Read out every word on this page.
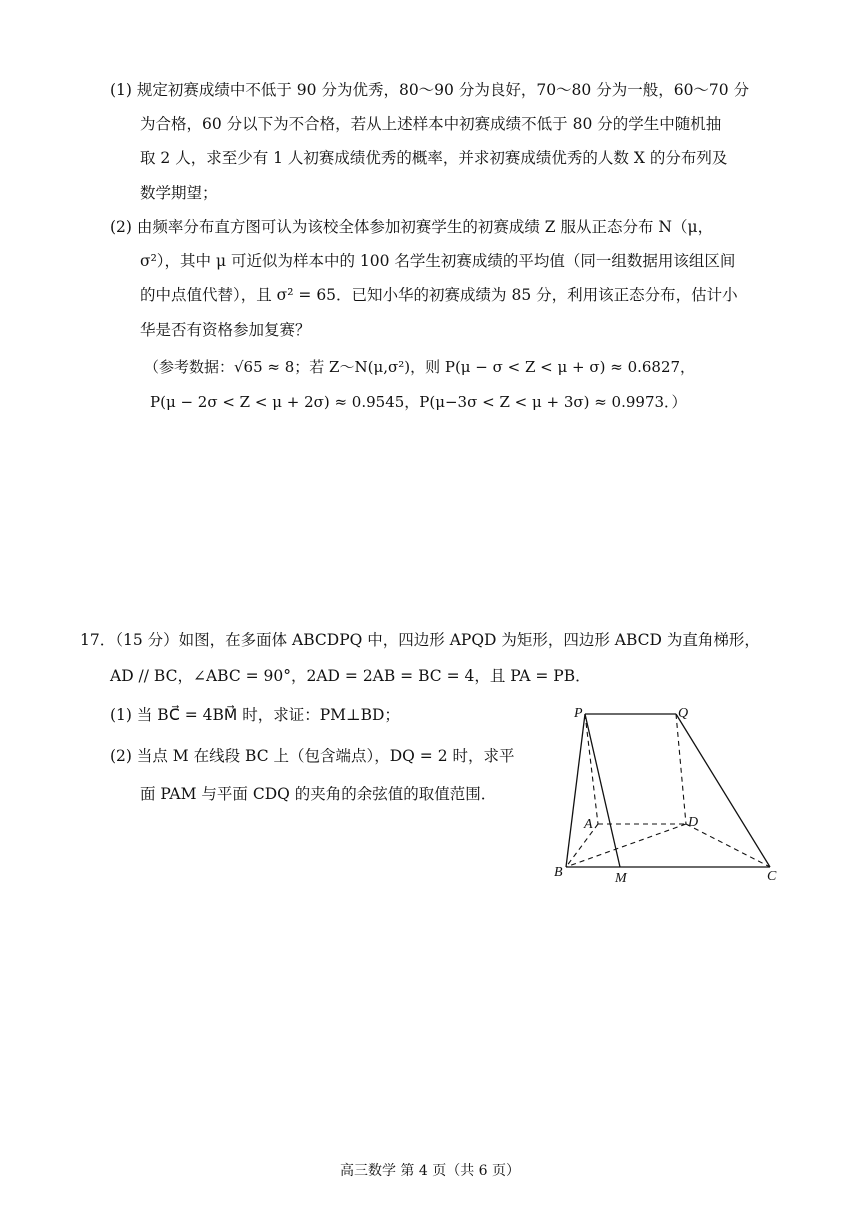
(1) 规定初赛成绩中不低于 90 分为优秀，80～90 分为良好，70～80 分为一般，60～70 分
为合格，60 分以下为不合格，若从上述样本中初赛成绩不低于 80 分的学生中随机抽
取 2 人，求至少有 1 人初赛成绩优秀的概率，并求初赛成绩优秀的人数 X 的分布列及
数学期望；
(2) 由频率分布直方图可认为该校全体参加初赛学生的初赛成绩 Z 服从正态分布 N（μ，
σ²），其中 μ 可近似为样本中的 100 名学生初赛成绩的平均值（同一组数据用该组区间
的中点值代替），且 σ² = 65．已知小华的初赛成绩为 85 分，利用该正态分布，估计小
华是否有资格参加复赛？
（参考数据：√65 ≈ 8；若 Z～N(μ,σ²)，则 P(μ − σ < Z < μ + σ) ≈ 0.6827，
P(μ − 2σ < Z < μ + 2σ) ≈ 0.9545，P(μ−3σ < Z < μ + 3σ) ≈ 0.9973．）
17．（15 分）如图，在多面体 ABCDPQ 中，四边形 APQD 为矩形，四边形 ABCD 为直角梯形，
AD // BC，∠ABC = 90°，2AD = 2AB = BC = 4，且 PA = PB．
(1) 当 BC⃗ = 4BM⃗ 时，求证：PM⊥BD；
(2) 当点 M 在线段 BC 上（包含端点），DQ = 2 时，求平
面 PAM 与平面 CDQ 的夹角的余弦值的取值范围．
P	Q
A	D
B	M	C
高三数学 第 4 页（共 6 页）
